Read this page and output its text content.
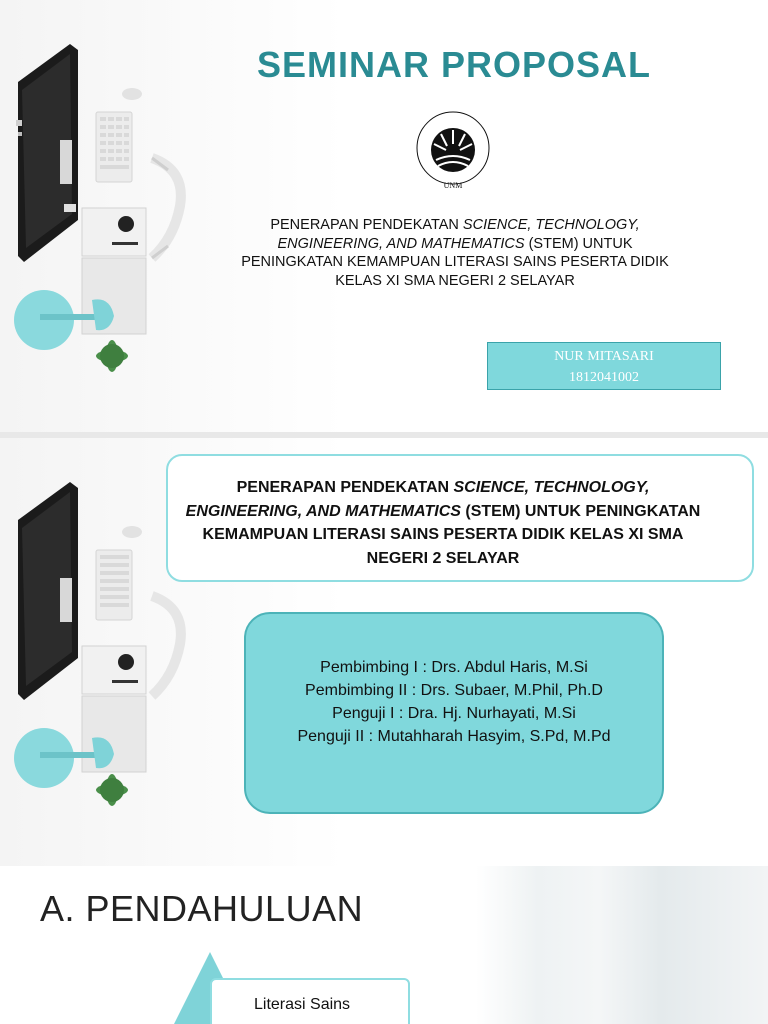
SEMINAR PROPOSAL
UNM
PENERAPAN PENDEKATAN SCIENCE, TECHNOLOGY, ENGINEERING, AND MATHEMATICS (STEM) UNTUK PENINGKATAN KEMAMPUAN LITERASI SAINS PESERTA DIDIK KELAS XI SMA NEGERI 2 SELAYAR
NUR MITASARI
1812041002
PENERAPAN PENDEKATAN SCIENCE, TECHNOLOGY, ENGINEERING, AND MATHEMATICS (STEM) UNTUK PENINGKATAN KEMAMPUAN LITERASI SAINS PESERTA DIDIK KELAS XI SMA NEGERI 2 SELAYAR
Pembimbing I : Drs. Abdul Haris, M.Si
Pembimbing II : Drs. Subaer, M.Phil, Ph.D
Penguji I : Dra. Hj. Nurhayati, M.Si
Penguji II : Mutahharah Hasyim, S.Pd, M.Pd
A. PENDAHULUAN
Literasi Sains
